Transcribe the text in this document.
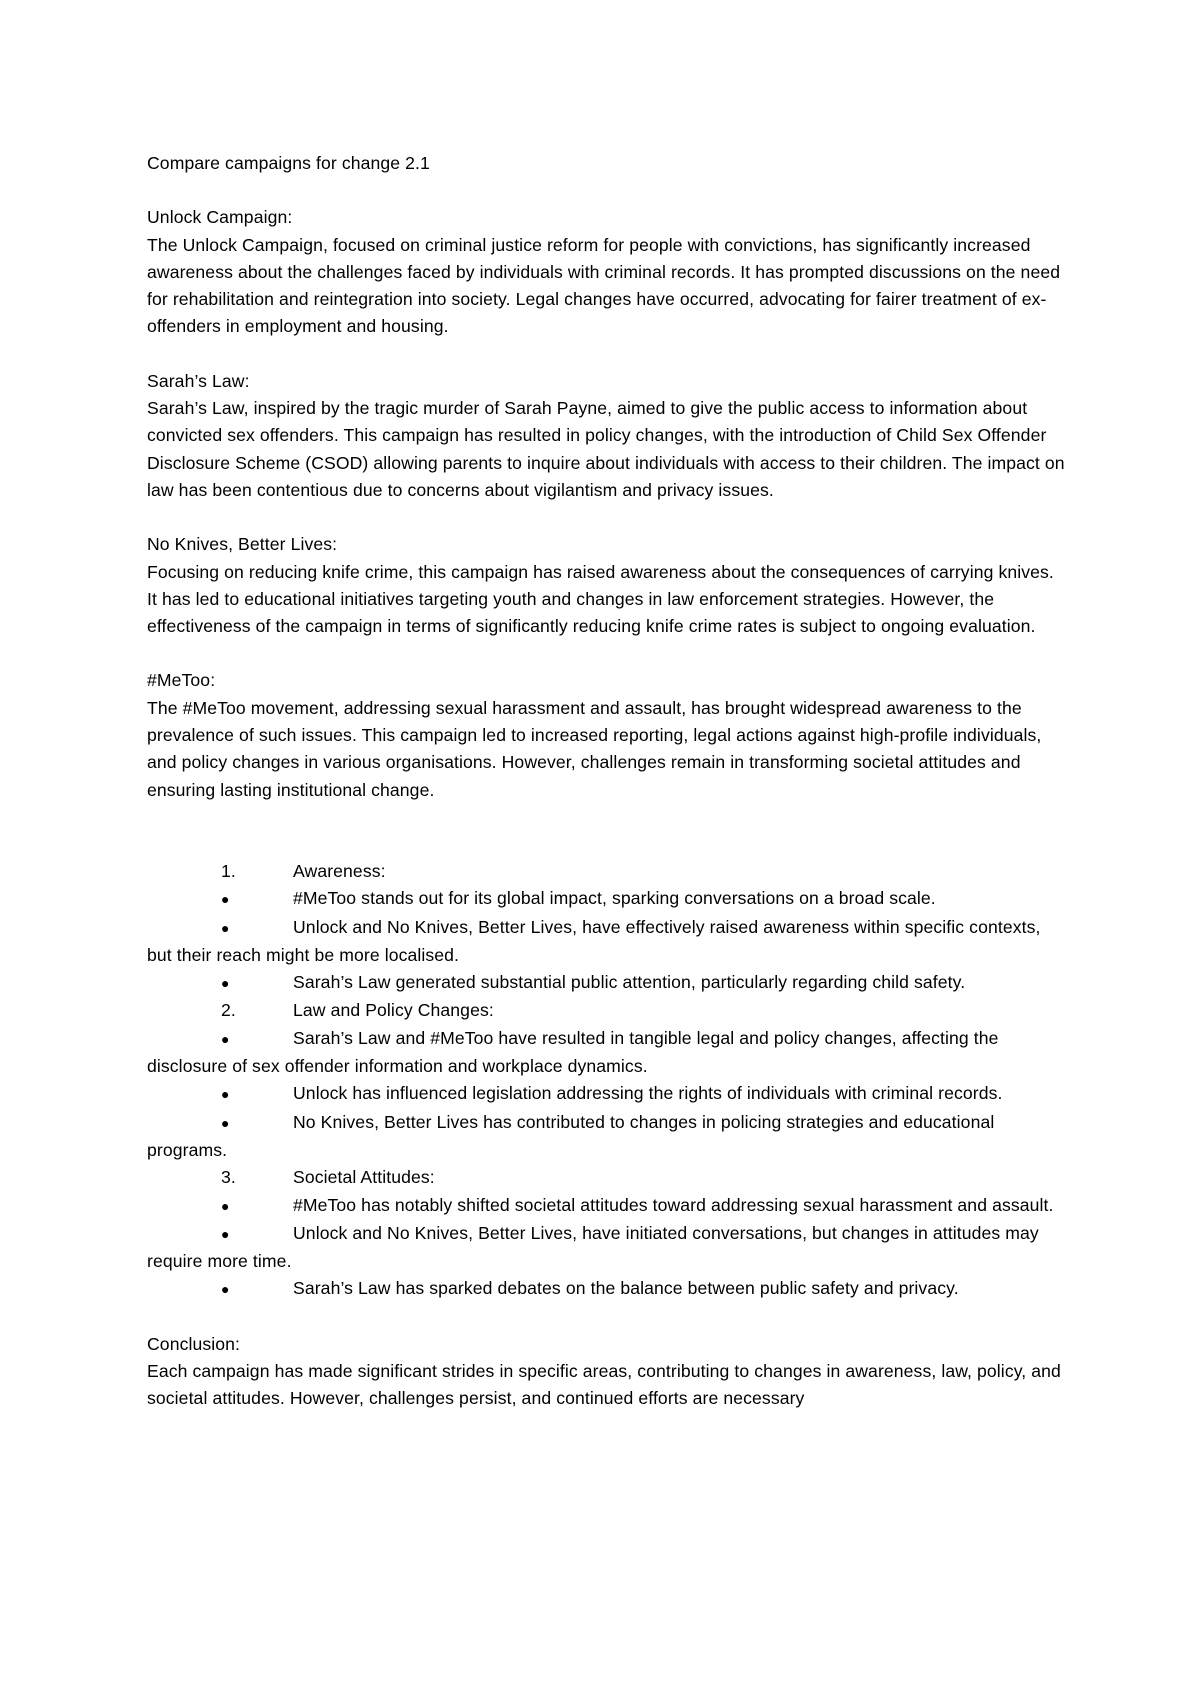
Compare campaigns for change 2.1

Unlock Campaign:

The Unlock Campaign, focused on criminal justice reform for people with convictions, has significantly increased awareness about the challenges faced by individuals with criminal records. It has prompted discussions on the need for rehabilitation and reintegration into society. Legal changes have occurred, advocating for fairer treatment of ex-offenders in employment and housing.

Sarah’s Law:

Sarah’s Law, inspired by the tragic murder of Sarah Payne, aimed to give the public access to information about convicted sex offenders. This campaign has resulted in policy changes, with the introduction of Child Sex Offender Disclosure Scheme (CSOD) allowing parents to inquire about individuals with access to their children. The impact on law has been contentious due to concerns about vigilantism and privacy issues.

No Knives, Better Lives:

Focusing on reducing knife crime, this campaign has raised awareness about the consequences of carrying knives. It has led to educational initiatives targeting youth and changes in law enforcement strategies. However, the effectiveness of the campaign in terms of significantly reducing knife crime rates is subject to ongoing evaluation.

#MeToo:

The #MeToo movement, addressing sexual harassment and assault, has brought widespread awareness to the prevalence of such issues. This campaign led to increased reporting, legal actions against high-profile individuals, and policy changes in various organisations. However, challenges remain in transforming societal attitudes and ensuring lasting institutional change.

1.	Awareness:

●	#MeToo stands out for its global impact, sparking conversations on a broad scale.

●	Unlock and No Knives, Better Lives, have effectively raised awareness within specific contexts, but their reach might be more localised.

●	Sarah’s Law generated substantial public attention, particularly regarding child safety.

2.	Law and Policy Changes:

●	Sarah’s Law and #MeToo have resulted in tangible legal and policy changes, affecting the disclosure of sex offender information and workplace dynamics.

●	Unlock has influenced legislation addressing the rights of individuals with criminal records.

●	No Knives, Better Lives has contributed to changes in policing strategies and educational programs.

3.	Societal Attitudes:

●	#MeToo has notably shifted societal attitudes toward addressing sexual harassment and assault.

●	Unlock and No Knives, Better Lives, have initiated conversations, but changes in attitudes may require more time.

●	Sarah’s Law has sparked debates on the balance between public safety and privacy.

Conclusion:

Each campaign has made significant strides in specific areas, contributing to changes in awareness, law, policy, and societal attitudes. However, challenges persist, and continued efforts are necessary
